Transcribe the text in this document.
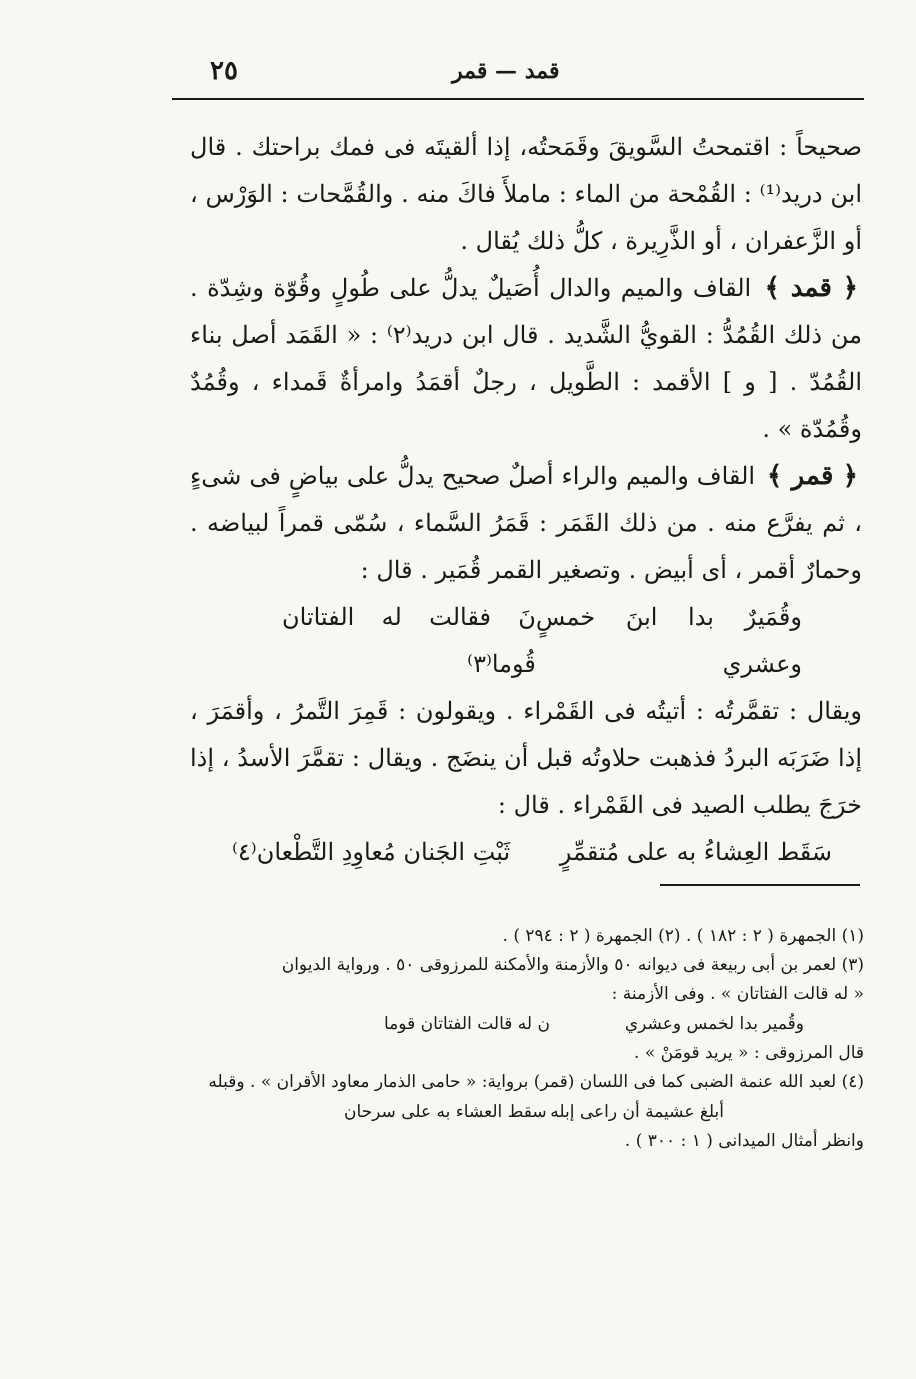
٢٥	قمد — قمر

صحيحاً : اقتمحتُ السَّويقَ وقَمَحتُه، إذا ألقيتَه فى فمك براحتك . قال ابن دريد⁽¹⁾ : القُمْحة من الماء : ماملأَ فاكَ منه . والقُمَّحات : الوَرْس ، أو الزَّعفران ، أو الذَّرِيرة ، كلُّ ذلك يُقال .

﴿ قمد ﴾ القاف والميم والدال أُصَيلٌ يدلُّ على طُولٍ وقُوّة وشِدّة . من ذلك القُمُدُّ : القويُّ الشَّديد . قال ابن دريد⁽٢⁾ : « القَمَد أصل بناء القُمُدّ . [ و ] الأقمد : الطَّويل ، رجلٌ أقمَدُ وامرأةٌ قَمداء ، وقُمُدٌ وقُمُدّة » .

﴿ قمر ﴾ القاف والميم والراء أصلٌ صحيح يدلُّ على بياضٍ فى شىءٍ ، ثم يفرَّع منه . من ذلك القَمَر : قَمَرُ السَّماء ، سُمّى قمراً لبياضه . وحمارٌ أقمر ، أى أبيض . وتصغير القمر قُمَير . قال :

وقُمَيرٌ بدا ابنَ خمسٍ وعشري
نَ فقالت له الفتاتان قُوما⁽٣⁾

ويقال : تقمَّرتُه : أتيتُه فى القَمْراء . ويقولون : قَمِرَ التَّمرُ ، وأقمَرَ ، إذا ضَرَبَه البردُ فذهبت حلاوتُه قبل أن ينضَج . ويقال : تقمَّرَ الأسدُ ، إذا خرَجَ يطلب الصيد فى القَمْراء . قال :

سَقَط العِشاءُ به على مُتقمِّرٍ
ثَبْتِ الجَنان مُعاوِدِ التَّطْعان⁽٤⁾

(١) الجمهرة ( ٢ : ١٨٢ ) . (٢) الجمهرة ( ٢ : ٢٩٤ ) .

(٣) لعمر بن أبى ربيعة فى ديوانه ٥٠ والأزمنة والأمكنة للمرزوقى ٥٠ . ورواية الديوان

« له قالت الفتاتان » . وفى الأزمنة :

وقُمير بدا لخمس وعشري
ن له قالت الفتاتان قوما

قال المرزوقى : « يريد قومَنْ » .

(٤) لعبد الله عنمة الضبى كما فى اللسان (قمر) برواية: « حامى الذمار معاود الأقران » . وقبله

أبلغ عشيمة أن راعى إبله
سقط العشاء به على سرحان

وانظر أمثال الميدانى ( ١ : ٣٠٠ ) .
